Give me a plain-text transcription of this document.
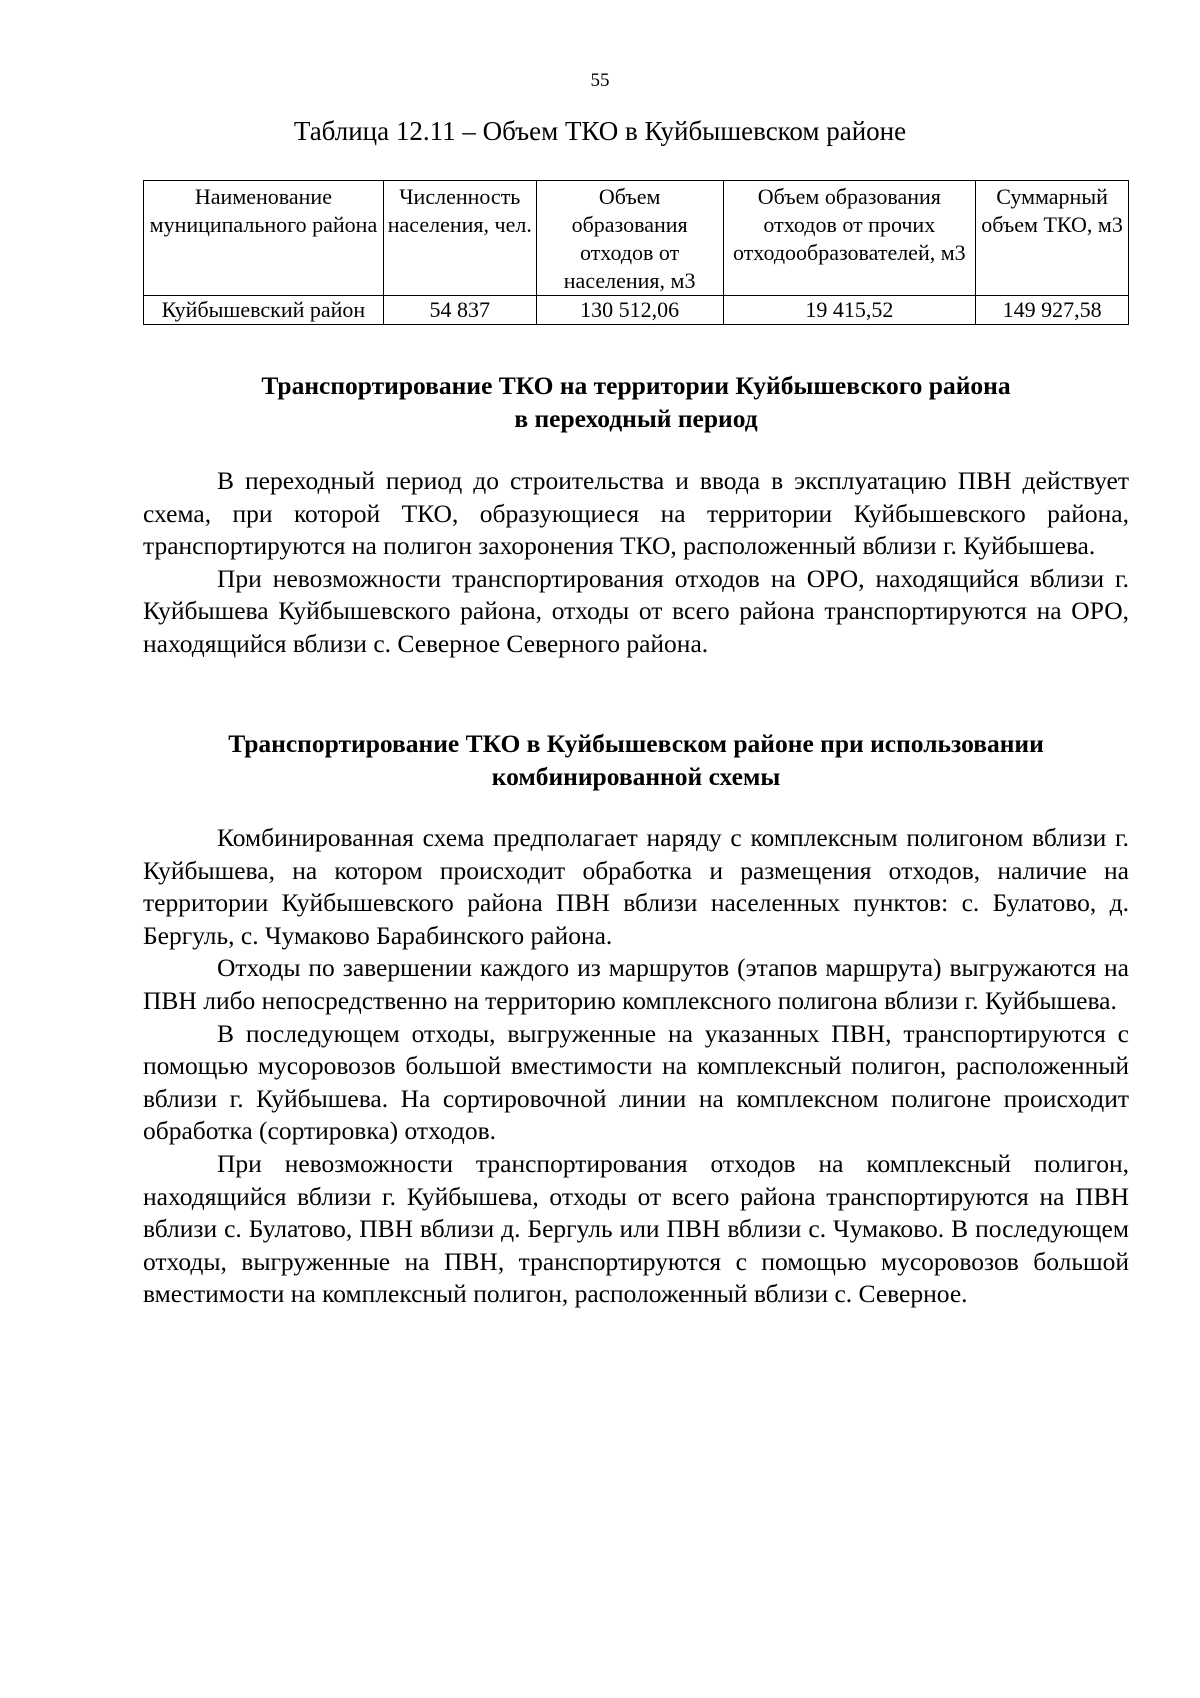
55
Таблица 12.11 – Объем ТКО в Куйбышевском районе
Наименование муниципального района	Численность населения, чел.	Объем образования отходов от населения, м3	Объем образования отходов от прочих отходообразователей, м3	Суммарный объем ТКО, м3
Куйбышевский район	54 837	130 512,06	19 415,52	149 927,58
Транспортирование ТКО на территории Куйбышевского района
в переходный период

В переходный период до строительства и ввода в эксплуатацию ПВН действует схема, при которой ТКО, образующиеся на территории Куйбышевского района, транспортируются на полигон захоронения ТКО, расположенный вблизи г. Куйбышева.

При невозможности транспортирования отходов на ОРО, находящийся вблизи г. Куйбышева Куйбышевского района, отходы от всего района транспортируются на ОРО, находящийся вблизи с. Северное Северного района.

Транспортирование ТКО в Куйбышевском районе при использовании
комбинированной схемы

Комбинированная схема предполагает наряду с комплексным полигоном вблизи г. Куйбышева, на котором происходит обработка и размещения отходов, наличие на территории Куйбышевского района ПВН вблизи населенных пунктов: с. Булатово, д. Бергуль, с. Чумаково Барабинского района.

Отходы по завершении каждого из маршрутов (этапов маршрута) выгружаются на ПВН либо непосредственно на территорию комплексного полигона вблизи г. Куйбышева.

В последующем отходы, выгруженные на указанных ПВН, транспортируются с помощью мусоровозов большой вместимости на комплексный полигон, расположенный вблизи г. Куйбышева. На сортировочной линии на комплексном полигоне происходит обработка (сортировка) отходов.

При невозможности транспортирования отходов на комплексный полигон, находящийся вблизи г. Куйбышева, отходы от всего района транспортируются на ПВН вблизи с. Булатово, ПВН вблизи д. Бергуль или ПВН вблизи с. Чумаково. В последующем отходы, выгруженные на ПВН, транспортируются с помощью мусоровозов большой вместимости на комплексный полигон, расположенный вблизи с. Северное.
